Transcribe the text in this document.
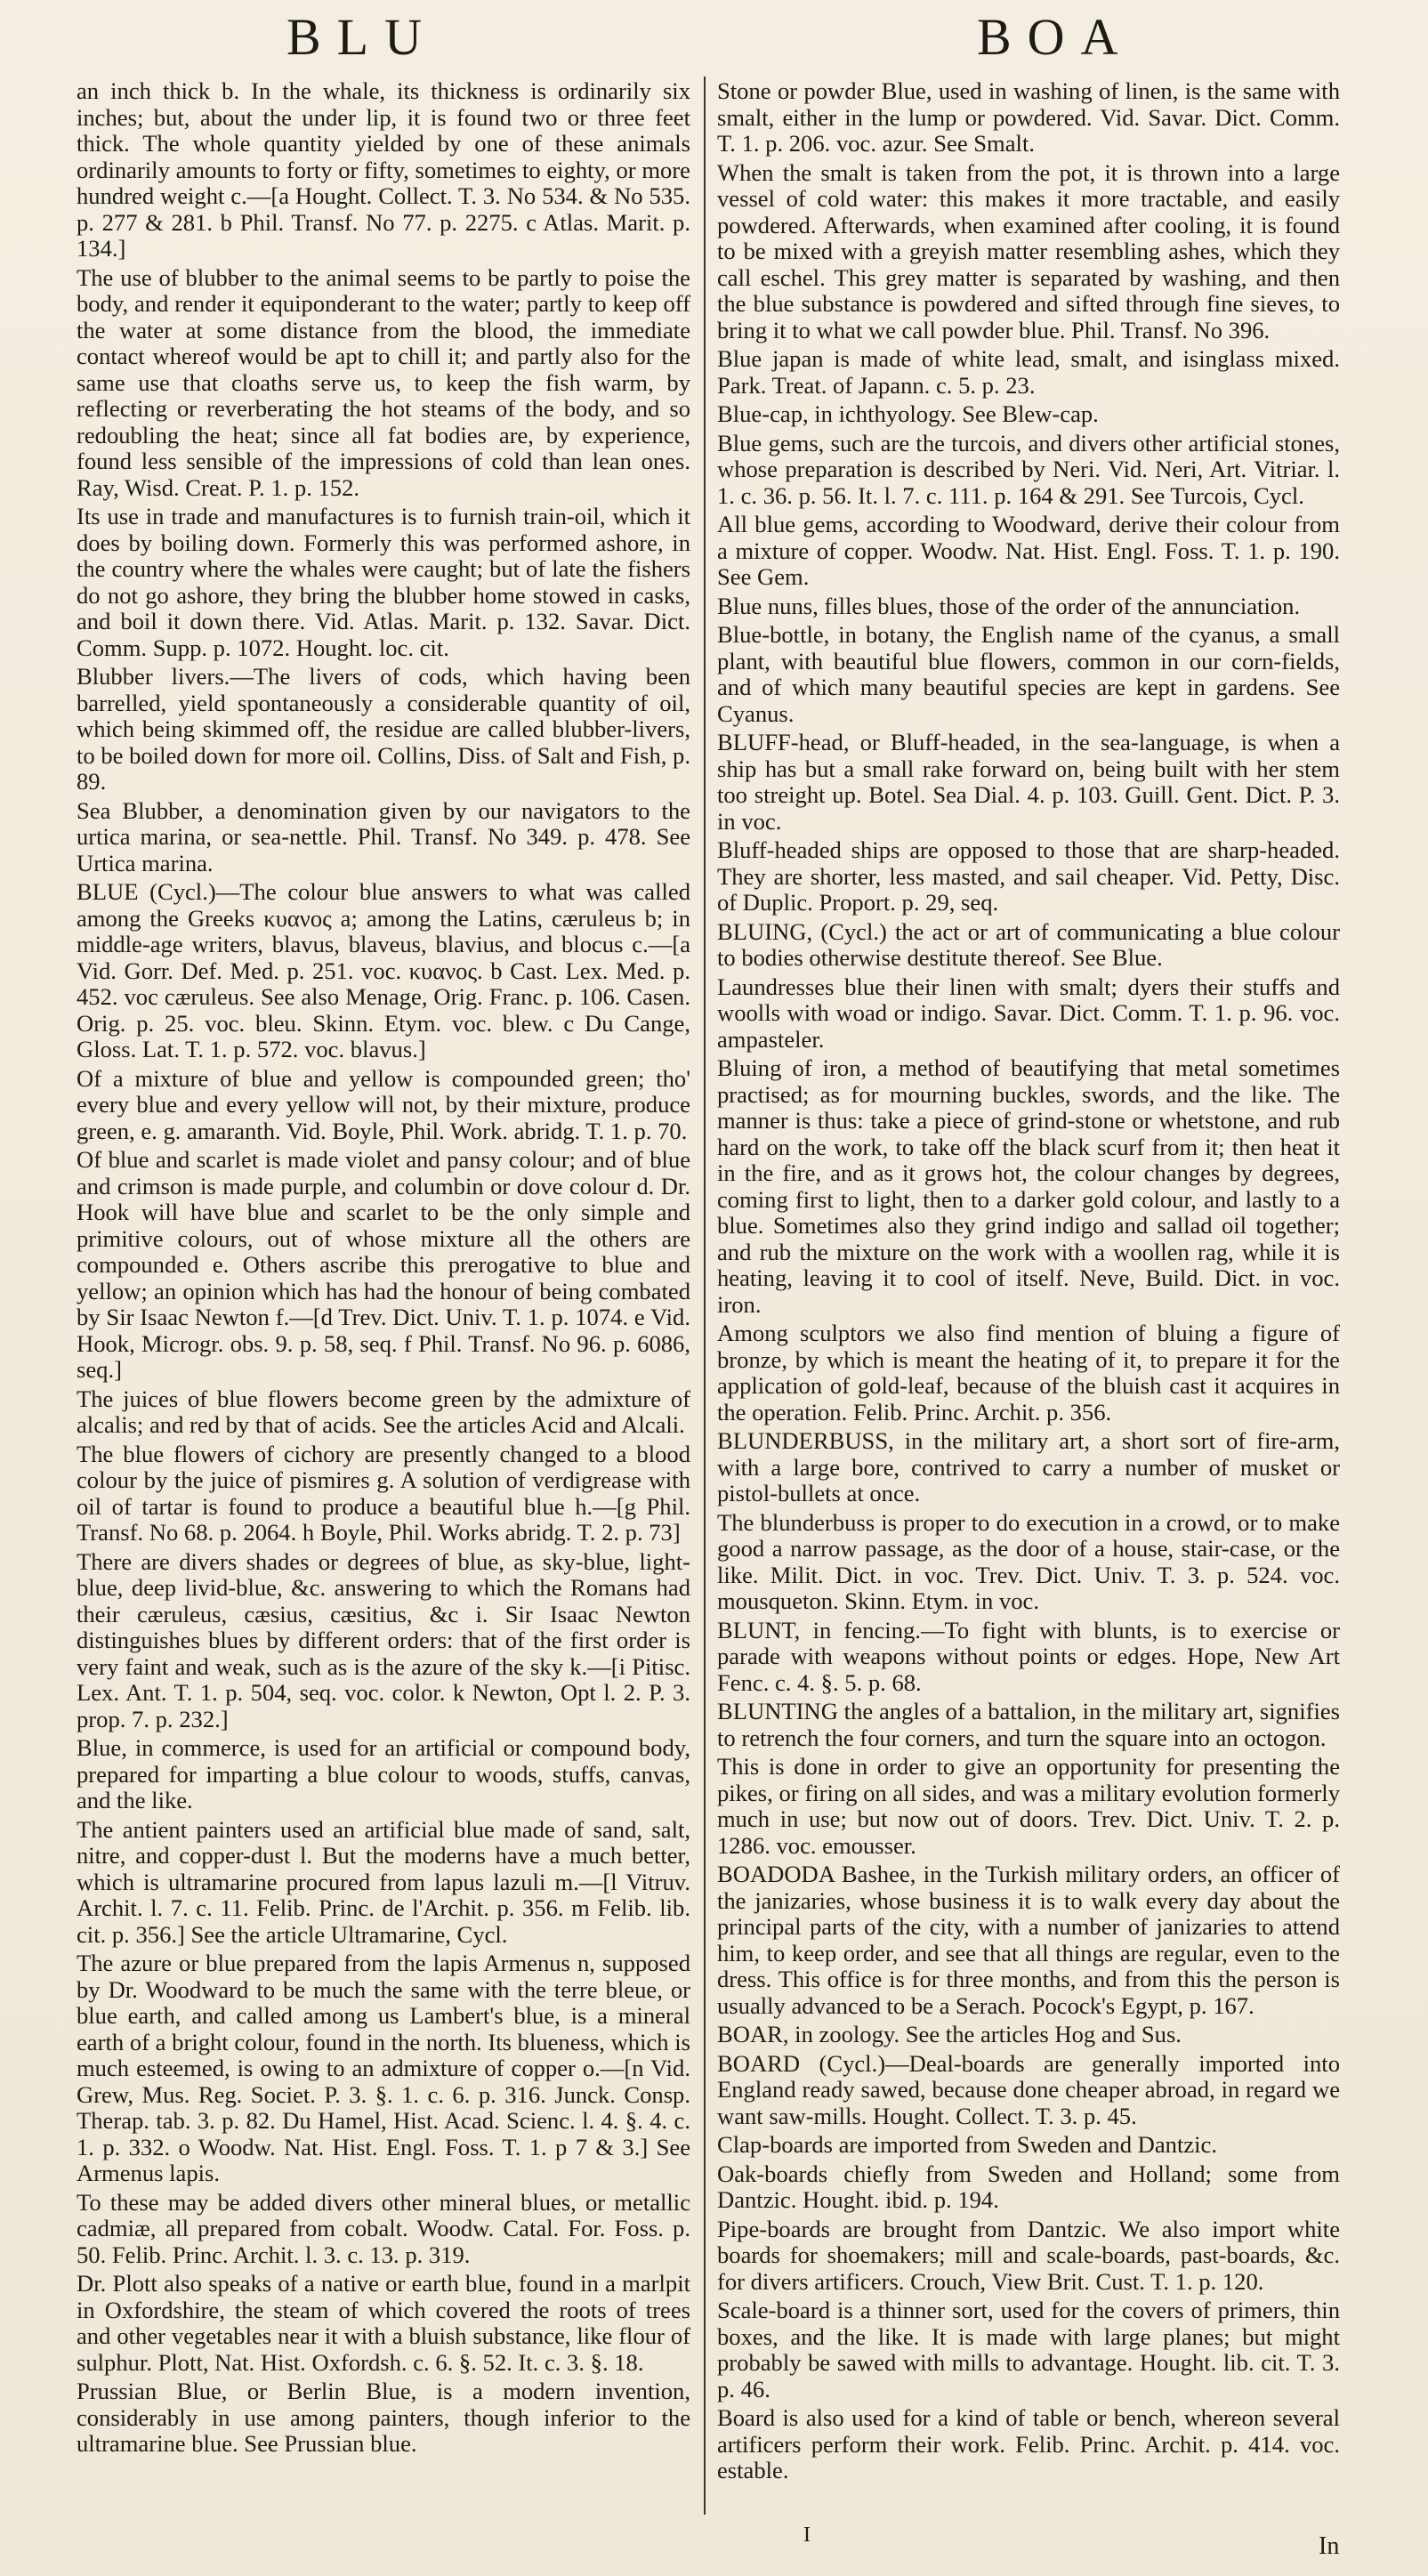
BLU	BOA

an inch thick b. In the whale, its thickness is ordinarily six inches; but, about the under lip, it is found two or three feet thick. The whole quantity yielded by one of these animals ordinarily amounts to forty or fifty, sometimes to eighty, or more hundred weight c.—[a Hought. Collect. T. 3. No 534. & No 535. p. 277 & 281. b Phil. Transf. No 77. p. 2275. c Atlas. Marit. p. 134.]

The use of blubber to the animal seems to be partly to poise the body, and render it equiponderant to the water; partly to keep off the water at some distance from the blood, the immediate contact whereof would be apt to chill it; and partly also for the same use that cloaths serve us, to keep the fish warm, by reflecting or reverberating the hot steams of the body, and so redoubling the heat; since all fat bodies are, by experience, found less sensible of the impressions of cold than lean ones. Ray, Wisd. Creat. P. 1. p. 152.

Its use in trade and manufactures is to furnish train-oil, which it does by boiling down. Formerly this was performed ashore, in the country where the whales were caught; but of late the fishers do not go ashore, they bring the blubber home stowed in casks, and boil it down there. Vid. Atlas. Marit. p. 132. Savar. Dict. Comm. Supp. p. 1072. Hought. loc. cit.

Blubber livers.—The livers of cods, which having been barrelled, yield spontaneously a considerable quantity of oil, which being skimmed off, the residue are called blubber-livers, to be boiled down for more oil. Collins, Diss. of Salt and Fish, p. 89.

Sea Blubber, a denomination given by our navigators to the urtica marina, or sea-nettle. Phil. Transf. No 349. p. 478. See Urtica marina.

BLUE (Cycl.)—The colour blue answers to what was called among the Greeks κυανος a; among the Latins, cæruleus b; in middle-age writers, blavus, blaveus, blavius, and blocus c.—[a Vid. Gorr. Def. Med. p. 251. voc. κυανος. b Cast. Lex. Med. p. 452. voc cæruleus. See also Menage, Orig. Franc. p. 106. Casen. Orig. p. 25. voc. bleu. Skinn. Etym. voc. blew. c Du Cange, Gloss. Lat. T. 1. p. 572. voc. blavus.]

Of a mixture of blue and yellow is compounded green; tho' every blue and every yellow will not, by their mixture, produce green, e. g. amaranth. Vid. Boyle, Phil. Work. abridg. T. 1. p. 70.

Of blue and scarlet is made violet and pansy colour; and of blue and crimson is made purple, and columbin or dove colour d. Dr. Hook will have blue and scarlet to be the only simple and primitive colours, out of whose mixture all the others are compounded e. Others ascribe this prerogative to blue and yellow; an opinion which has had the honour of being combated by Sir Isaac Newton f.—[d Trev. Dict. Univ. T. 1. p. 1074. e Vid. Hook, Microgr. obs. 9. p. 58, seq. f Phil. Transf. No 96. p. 6086, seq.]

The juices of blue flowers become green by the admixture of alcalis; and red by that of acids. See the articles Acid and Alcali.

The blue flowers of cichory are presently changed to a blood colour by the juice of pismires g. A solution of verdigrease with oil of tartar is found to produce a beautiful blue h.—[g Phil. Transf. No 68. p. 2064. h Boyle, Phil. Works abridg. T. 2. p. 73]

There are divers shades or degrees of blue, as sky-blue, light-blue, deep livid-blue, &c. answering to which the Romans had their cæruleus, cæsius, cæsitius, &c i. Sir Isaac Newton distinguishes blues by different orders: that of the first order is very faint and weak, such as is the azure of the sky k.—[i Pitisc. Lex. Ant. T. 1. p. 504, seq. voc. color. k Newton, Opt l. 2. P. 3. prop. 7. p. 232.]

Blue, in commerce, is used for an artificial or compound body, prepared for imparting a blue colour to woods, stuffs, canvas, and the like.

The antient painters used an artificial blue made of sand, salt, nitre, and copper-dust l. But the moderns have a much better, which is ultramarine procured from lapus lazuli m.—[l Vitruv. Archit. l. 7. c. 11. Felib. Princ. de l'Archit. p. 356. m Felib. lib. cit. p. 356.] See the article Ultramarine, Cycl.

The azure or blue prepared from the lapis Armenus n, supposed by Dr. Woodward to be much the same with the terre bleue, or blue earth, and called among us Lambert's blue, is a mineral earth of a bright colour, found in the north. Its blueness, which is much esteemed, is owing to an admixture of copper o.—[n Vid. Grew, Mus. Reg. Societ. P. 3. §. 1. c. 6. p. 316. Junck. Consp. Therap. tab. 3. p. 82. Du Hamel, Hist. Acad. Scienc. l. 4. §. 4. c. 1. p. 332. o Woodw. Nat. Hist. Engl. Foss. T. 1. p 7 & 3.] See Armenus lapis.

To these may be added divers other mineral blues, or metallic cadmiæ, all prepared from cobalt. Woodw. Catal. For. Foss. p. 50. Felib. Princ. Archit. l. 3. c. 13. p. 319.

Dr. Plott also speaks of a native or earth blue, found in a marlpit in Oxfordshire, the steam of which covered the roots of trees and other vegetables near it with a bluish substance, like flour of sulphur. Plott, Nat. Hist. Oxfordsh. c. 6. §. 52. It. c. 3. §. 18.

Prussian Blue, or Berlin Blue, is a modern invention, considerably in use among painters, though inferior to the ultramarine blue. See Prussian blue.

Stone or powder Blue, used in washing of linen, is the same with smalt, either in the lump or powdered. Vid. Savar. Dict. Comm. T. 1. p. 206. voc. azur. See Smalt.

When the smalt is taken from the pot, it is thrown into a large vessel of cold water: this makes it more tractable, and easily powdered. Afterwards, when examined after cooling, it is found to be mixed with a greyish matter resembling ashes, which they call eschel. This grey matter is separated by washing, and then the blue substance is powdered and sifted through fine sieves, to bring it to what we call powder blue. Phil. Transf. No 396.

Blue japan is made of white lead, smalt, and isinglass mixed. Park. Treat. of Japann. c. 5. p. 23.

Blue-cap, in ichthyology. See Blew-cap.

Blue gems, such are the turcois, and divers other artificial stones, whose preparation is described by Neri. Vid. Neri, Art. Vitriar. l. 1. c. 36. p. 56. It. l. 7. c. 111. p. 164 & 291. See Turcois, Cycl.

All blue gems, according to Woodward, derive their colour from a mixture of copper. Woodw. Nat. Hist. Engl. Foss. T. 1. p. 190. See Gem.

Blue nuns, filles blues, those of the order of the annunciation.

Blue-bottle, in botany, the English name of the cyanus, a small plant, with beautiful blue flowers, common in our corn-fields, and of which many beautiful species are kept in gardens. See Cyanus.

BLUFF-head, or Bluff-headed, in the sea-language, is when a ship has but a small rake forward on, being built with her stem too streight up. Botel. Sea Dial. 4. p. 103. Guill. Gent. Dict. P. 3. in voc.

Bluff-headed ships are opposed to those that are sharp-headed. They are shorter, less masted, and sail cheaper. Vid. Petty, Disc. of Duplic. Proport. p. 29, seq.

BLUING, (Cycl.) the act or art of communicating a blue colour to bodies otherwise destitute thereof. See Blue.

Laundresses blue their linen with smalt; dyers their stuffs and woolls with woad or indigo. Savar. Dict. Comm. T. 1. p. 96. voc. ampasteler.

Bluing of iron, a method of beautifying that metal sometimes practised; as for mourning buckles, swords, and the like. The manner is thus: take a piece of grind-stone or whetstone, and rub hard on the work, to take off the black scurf from it; then heat it in the fire, and as it grows hot, the colour changes by degrees, coming first to light, then to a darker gold colour, and lastly to a blue. Sometimes also they grind indigo and sallad oil together; and rub the mixture on the work with a woollen rag, while it is heating, leaving it to cool of itself. Neve, Build. Dict. in voc. iron.

Among sculptors we also find mention of bluing a figure of bronze, by which is meant the heating of it, to prepare it for the application of gold-leaf, because of the bluish cast it acquires in the operation. Felib. Princ. Archit. p. 356.

BLUNDERBUSS, in the military art, a short sort of fire-arm, with a large bore, contrived to carry a number of musket or pistol-bullets at once.

The blunderbuss is proper to do execution in a crowd, or to make good a narrow passage, as the door of a house, stair-case, or the like. Milit. Dict. in voc. Trev. Dict. Univ. T. 3. p. 524. voc. mousqueton. Skinn. Etym. in voc.

BLUNT, in fencing.—To fight with blunts, is to exercise or parade with weapons without points or edges. Hope, New Art Fenc. c. 4. §. 5. p. 68.

BLUNTING the angles of a battalion, in the military art, signifies to retrench the four corners, and turn the square into an octogon.

This is done in order to give an opportunity for presenting the pikes, or firing on all sides, and was a military evolution formerly much in use; but now out of doors. Trev. Dict. Univ. T. 2. p. 1286. voc. emousser.

BOADODA Bashee, in the Turkish military orders, an officer of the janizaries, whose business it is to walk every day about the principal parts of the city, with a number of janizaries to attend him, to keep order, and see that all things are regular, even to the dress. This office is for three months, and from this the person is usually advanced to be a Serach. Pocock's Egypt, p. 167.

BOAR, in zoology. See the articles Hog and Sus.

BOARD (Cycl.)—Deal-boards are generally imported into England ready sawed, because done cheaper abroad, in regard we want saw-mills. Hought. Collect. T. 3. p. 45.

Clap-boards are imported from Sweden and Dantzic.

Oak-boards chiefly from Sweden and Holland; some from Dantzic. Hought. ibid. p. 194.

Pipe-boards are brought from Dantzic. We also import white boards for shoemakers; mill and scale-boards, past-boards, &c. for divers artificers. Crouch, View Brit. Cust. T. 1. p. 120.

Scale-board is a thinner sort, used for the covers of primers, thin boxes, and the like. It is made with large planes; but might probably be sawed with mills to advantage. Hought. lib. cit. T. 3. p. 46.

Board is also used for a kind of table or bench, whereon several artificers perform their work. Felib. Princ. Archit. p. 414. voc. estable.

I	In
